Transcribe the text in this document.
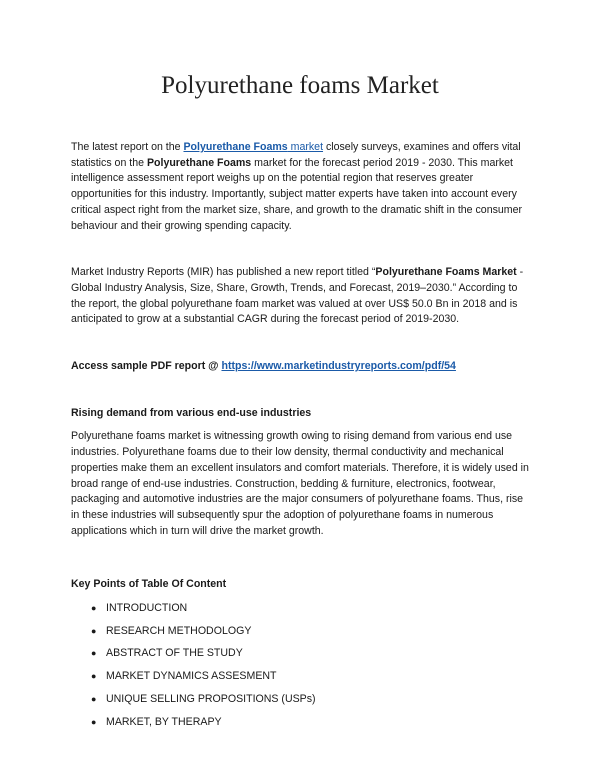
Polyurethane foams Market

The latest report on the Polyurethane Foams market closely surveys, examines and offers vital statistics on the Polyurethane Foams market for the forecast period 2019 - 2030. This market intelligence assessment report weighs up on the potential region that reserves greater opportunities for this industry. Importantly, subject matter experts have taken into account every critical aspect right from the market size, share, and growth to the dramatic shift in the consumer behaviour and their growing spending capacity.

Market Industry Reports (MIR) has published a new report titled “Polyurethane Foams Market - Global Industry Analysis, Size, Share, Growth, Trends, and Forecast, 2019–2030.” According to the report, the global polyurethane foam market was valued at over US$ 50.0 Bn in 2018 and is anticipated to grow at a substantial CAGR during the forecast period of 2019-2030.

Access sample PDF report @ https://www.marketindustryreports.com/pdf/54

Rising demand from various end-use industries

Polyurethane foams market is witnessing growth owing to rising demand from various end use industries. Polyurethane foams due to their low density, thermal conductivity and mechanical properties make them an excellent insulators and comfort materials. Therefore, it is widely used in broad range of end-use industries. Construction, bedding & furniture, electronics, footwear, packaging and automotive industries are the major consumers of polyurethane foams. Thus, rise in these industries will subsequently spur the adoption of polyurethane foams in numerous applications which in turn will drive the market growth.

Key Points of Table Of Content

● INTRODUCTION
● RESEARCH METHODOLOGY
● ABSTRACT OF THE STUDY
● MARKET DYNAMICS ASSESMENT
● UNIQUE SELLING PROPOSITIONS (USPs)
● MARKET, BY THERAPY
